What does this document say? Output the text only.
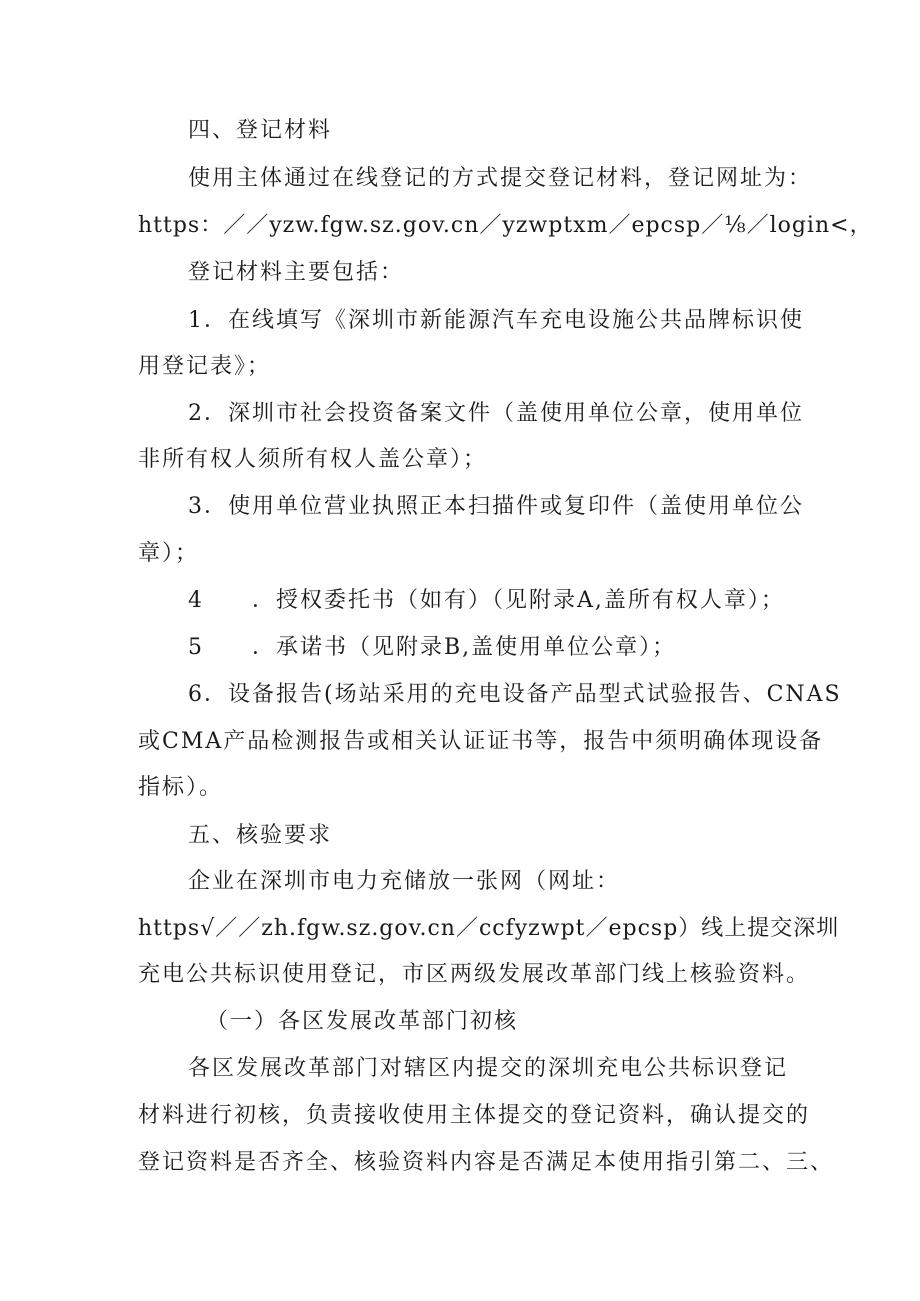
四、登记材料
使用主体通过在线登记的方式提交登记材料，登记网址为：
https：／／yzw.fgw.sz.gov.cn／yzwptxm／epcsp／⅛／login<，
登记材料主要包括：
1．在线填写《深圳市新能源汽车充电设施公共品牌标识使
用登记表》；
2．深圳市社会投资备案文件（盖使用单位公章，使用单位
非所有权人须所有权人盖公章）；
3．使用单位营业执照正本扫描件或复印件（盖使用单位公
章）；
4　　．授权委托书（如有）（见附录A,盖所有权人章）；
5　　．承诺书（见附录B,盖使用单位公章）；
6．设备报告(场站采用的充电设备产品型式试验报告、CNAS
或CMA产品检测报告或相关认证证书等，报告中须明确体现设备
指标）。
五、核验要求
企业在深圳市电力充储放一张网（网址：
https√／／zh.fgw.sz.gov.cn／ccfyzwpt／epcsp）线上提交深圳
充电公共标识使用登记，市区两级发展改革部门线上核验资料。
（一）各区发展改革部门初核
各区发展改革部门对辖区内提交的深圳充电公共标识登记
材料进行初核，负责接收使用主体提交的登记资料，确认提交的
登记资料是否齐全、核验资料内容是否满足本使用指引第二、三、
